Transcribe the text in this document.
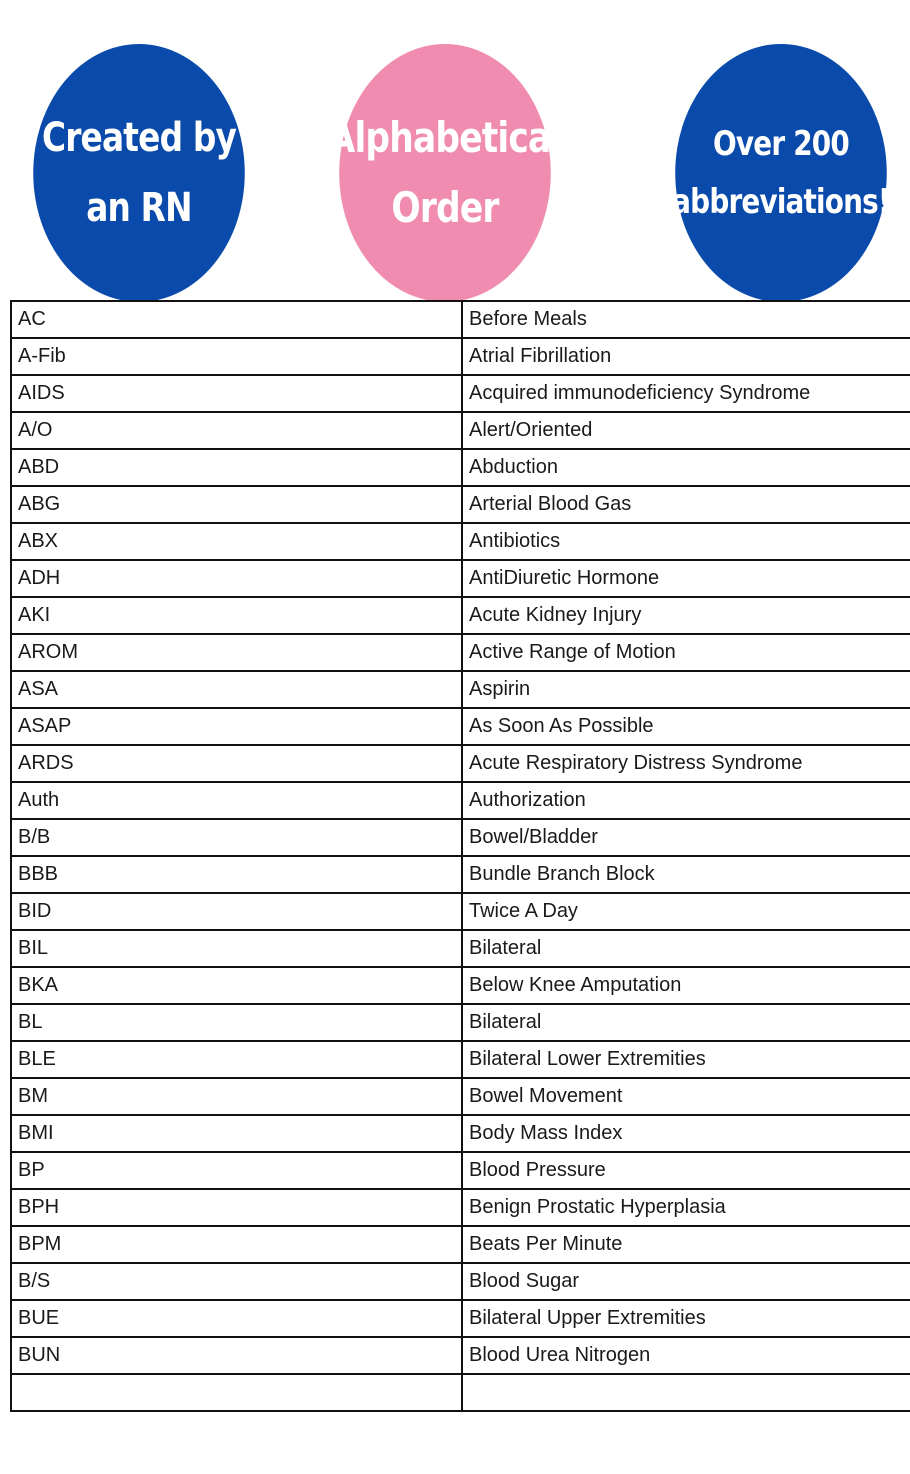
Created by
an RN
Alphabetical
Order
Over 200
abbreviations!
AC	Before Meals
A-Fib	Atrial Fibrillation
AIDS	Acquired immunodeficiency Syndrome
A/O	Alert/Oriented
ABD	Abduction
ABG	Arterial Blood Gas
ABX	Antibiotics
ADH	AntiDiuretic Hormone
AKI	Acute Kidney Injury
AROM	Active Range of Motion
ASA	Aspirin
ASAP	As Soon As Possible
ARDS	Acute Respiratory Distress Syndrome
Auth	Authorization
B/B	Bowel/Bladder
BBB	Bundle Branch Block
BID	Twice A Day
BIL	Bilateral
BKA	Below Knee Amputation
BL	Bilateral
BLE	Bilateral Lower Extremities
BM	Bowel Movement
BMI	Body Mass Index
BP	Blood Pressure
BPH	Benign Prostatic Hyperplasia
BPM	Beats Per Minute
B/S	Blood Sugar
BUE	Bilateral Upper Extremities
BUN	Blood Urea Nitrogen
